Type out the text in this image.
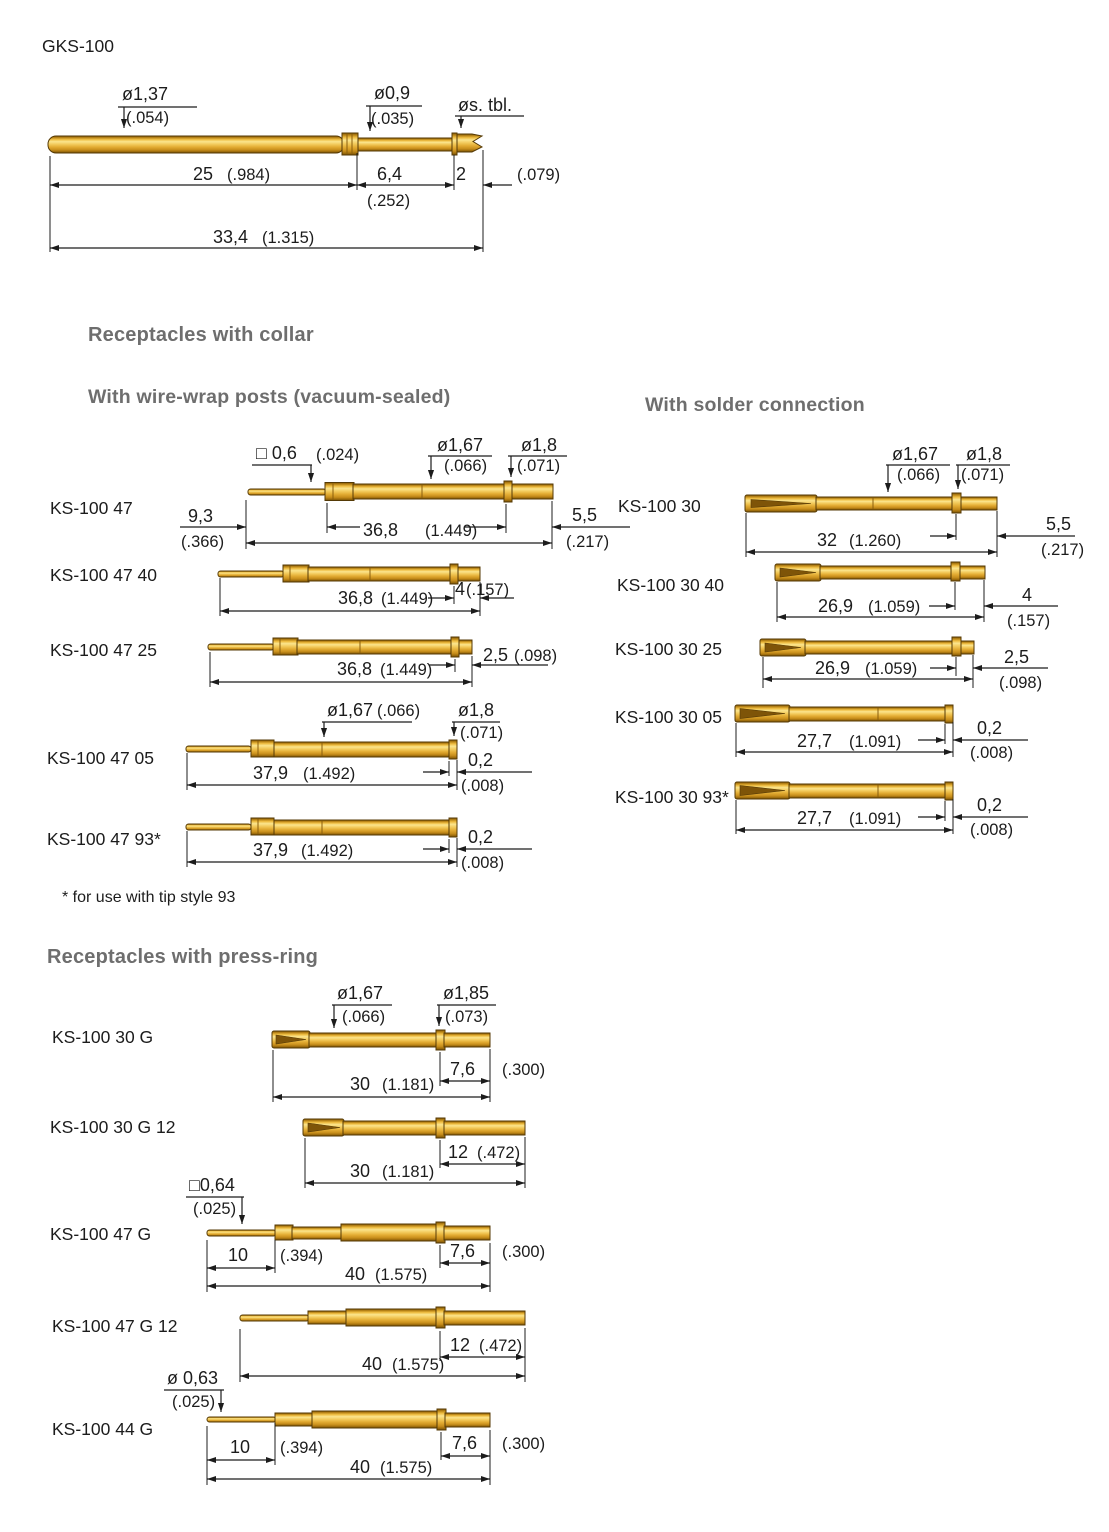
ø1,37
(.054)
ø0,9
(.035)
øs. tbl.
25 (.984)	6,4
(.252)
2	(.079)
33,4 (1.315)
□ 0,6 (.024)	ø1,67
(.066)
ø1,8
(.071)
9,3
(.366)
36,8 (1.449)
5,5
(.217)
36,8 (1.449) 4 (.157)
36,8 (1.449)
2,5 (.098)
ø1,67 (.066) ø1,8
(.071)
37,9 (1.492)
0,2
(.008)
37,9 (1.492)
0,2
(.008)
ø1,67
(.066)
ø1,8
(.071)
32 (1.260)
5,5
(.217)
26,9 (1.059)
4
(.157)
26,9 (1.059)
2,5
(.098)
27,7 (1.091)
0,2
(.008)
27,7 (1.091)
0,2
(.008)
ø1,67
(.066)
ø1,85
(.073)
30 (1.181)
7,6 (.300)
30 (1.181)
12 (.472)
□0,64
(.025)
10 (.394)
40 (1.575)
7,6 (.300)
40 (1.575)
12 (.472)
ø 0,63
(.025)
10 (.394)
40 (1.575)
7,6 (.300)
GKS-100
Receptacles with collar
With wire-wrap posts (vacuum-sealed)	With solder connection
KS-100 47
KS-100 47 40
KS-100 47 25
KS-100 47 05
KS-100 47 93*
KS-100 30
KS-100 30 40
KS-100 30 25
KS-100 30 05
KS-100 30 93*
* for use with tip style 93
Receptacles with press-ring
KS-100 30 G
KS-100 30 G 12
KS-100 47 G
KS-100 47 G 12
KS-100 44 G
